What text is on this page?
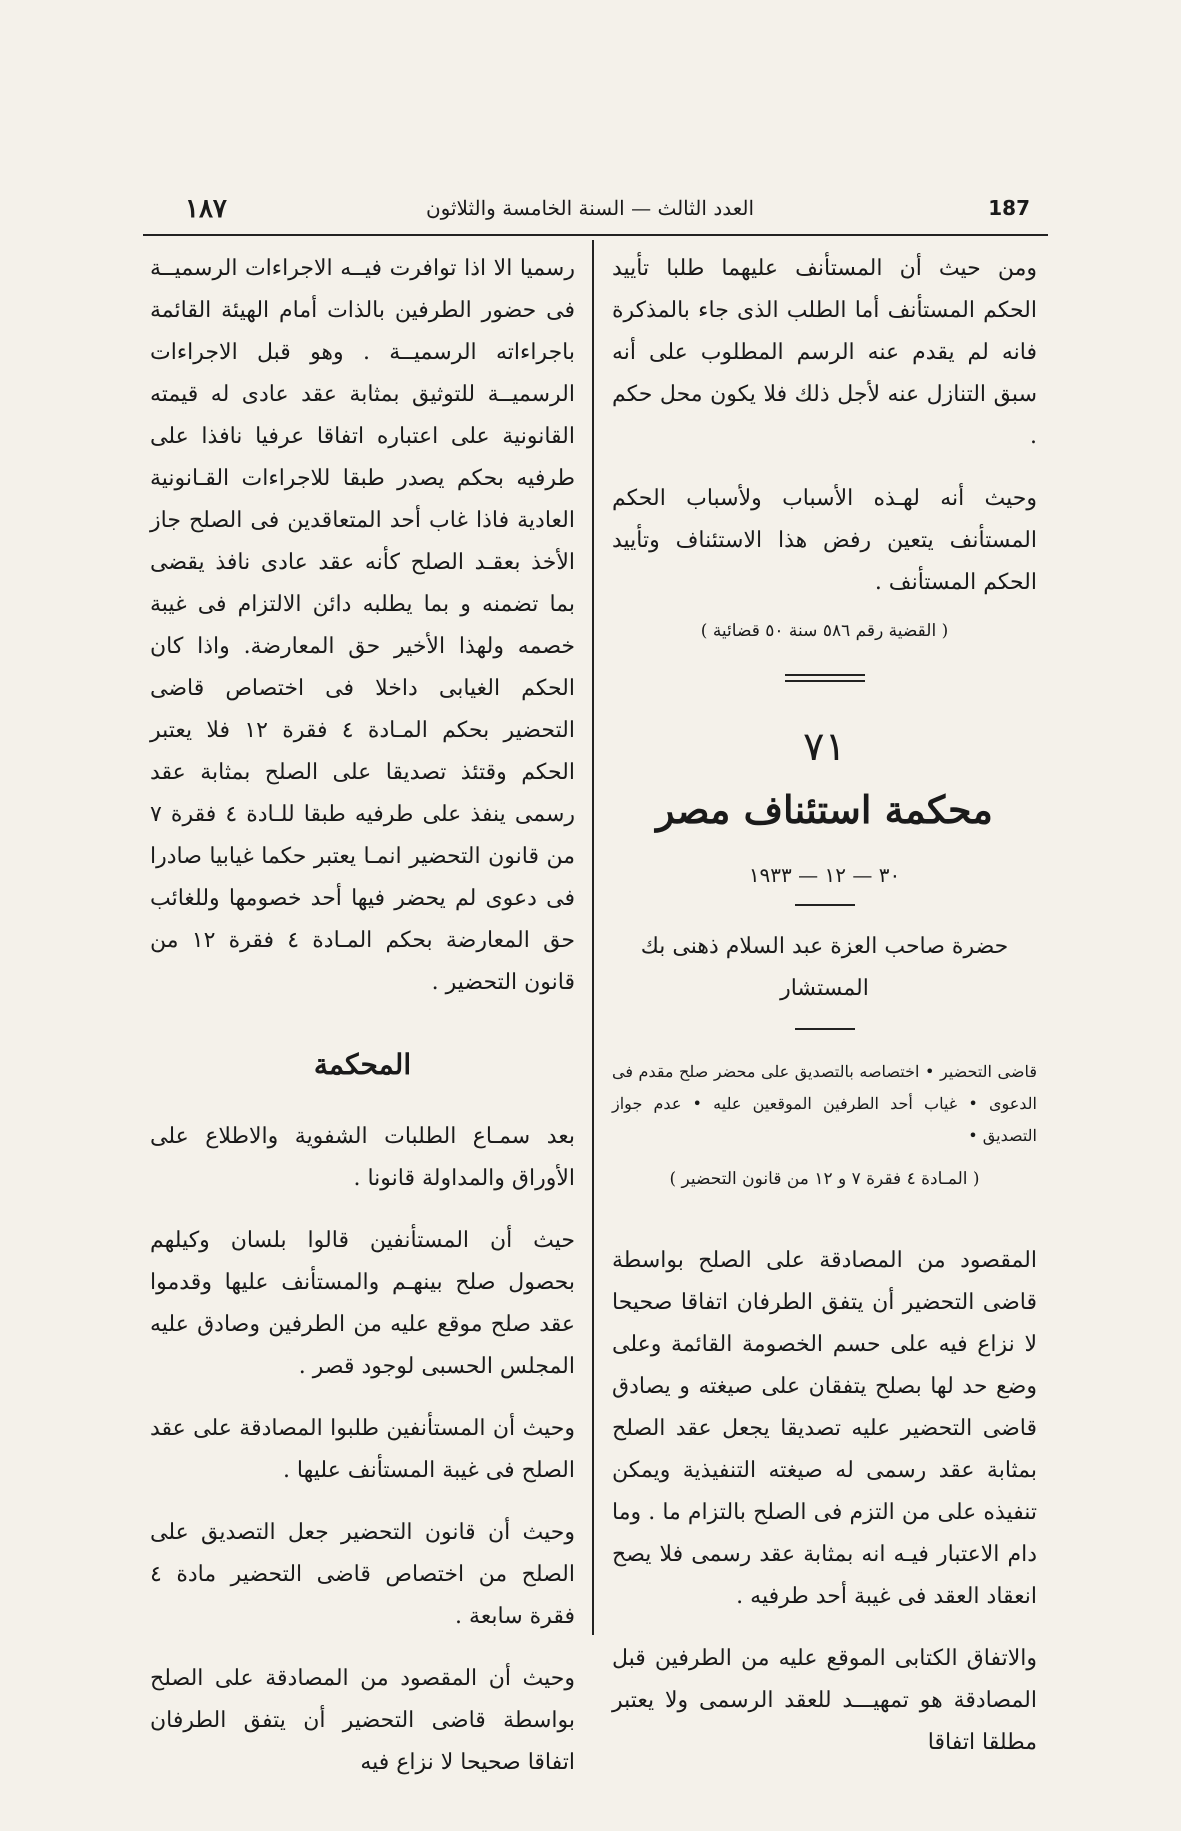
١٨٧	العدد الثالث — السنة الخامسة والثلاثون	187

ومن حيث أن المستأنف عليهما طلبا تأييد الحكم المستأنف أما الطلب الذى جاء بالمذكرة فانه لم يقدم عنه الرسم المطلوب على أنه سبق التنازل عنه لأجل ذلك فلا يكون محل حكم .

وحيث أنه لهـذه الأسباب ولأسباب الحكم المستأنف يتعين رفض هذا الاستئناف وتأييد الحكم المستأنف .

( القضية رقم ٥٨٦ سنة ٥٠ قضائية )
٧١
محكمة استئناف مصر
٣٠ — ١٢ — ١٩٣٣
حضرة صاحب العزة عبد السلام ذهنى بك المستشار
قاضى التحضير • اختصاصه بالتصديق على محضر صلح مقدم فى الدعوى • غياب أحد الطرفين الموقعين عليه • عدم جواز التصديق •
( المـادة ٤ فقرة ٧ و ١٢ من قانون التحضير )

المقصود من المصادقة على الصلح بواسطة قاضى التحضير أن يتفق الطرفان اتفاقا صحيحا لا نزاع فيه على حسم الخصومة القائمة وعلى وضع حد لها بصلح يتفقان على صيغته و يصادق قاضى التحضير عليه تصديقا يجعل عقد الصلح بمثابة عقد رسمى له صيغته التنفيذية ويمكن تنفيذه على من التزم فى الصلح بالتزام ما . وما دام الاعتبار فيـه انه بمثابة عقد رسمى فلا يصح انعقاد العقد فى غيبة أحد طرفيه .

والاتفاق الكتابى الموقع عليه من الطرفين قبل المصادقة هو تمهيـــد للعقد الرسمى ولا يعتبر مطلقا اتفاقا

رسميا الا اذا توافرت فيــه الاجراءات الرسميــة فى حضور الطرفين بالذات أمام الهيئة القائمة باجراءاته الرسميــة . وهو قبل الاجراءات الرسميــة للتوثيق بمثابة عقد عادى له قيمته القانونية على اعتباره اتفاقا عرفيا نافذا على طرفيه بحكم يصدر طبقا للاجراءات القـانونية العادية فاذا غاب أحد المتعاقدين فى الصلح جاز الأخذ بعقـد الصلح كأنه عقد عادى نافذ يقضى بما تضمنه و بما يطلبه دائن الالتزام فى غيبة خصمه ولهذا الأخير حق المعارضة. واذا كان الحكم الغيابى داخلا فى اختصاص قاضى التحضير بحكم المـادة ٤ فقرة ١٢ فلا يعتبر الحكم وقتئذ تصديقا على الصلح بمثابة عقد رسمى ينفذ على طرفيه طبقا للـادة ٤ فقرة ٧ من قانون التحضير انمـا يعتبر حكما غيابيا صادرا فى دعوى لم يحضر فيها أحد خصومها وللغائب حق المعارضة بحكم المـادة ٤ فقرة ١٢ من قانون التحضير .

المحكمة

بعد سمـاع الطلبات الشفوية والاطلاع على الأوراق والمداولة قانونا .

حيث أن المستأنفين قالوا بلسان وكيلهم بحصول صلح بينهـم والمستأنف عليها وقدموا عقد صلح موقع عليه من الطرفين وصادق عليه المجلس الحسبى لوجود قصر .

وحيث أن المستأنفين طلبوا المصادقة على عقد الصلح فى غيبة المستأنف عليها .

وحيث أن قانون التحضير جعل التصديق على الصلح من اختصاص قاضى التحضير مادة ٤ فقرة سابعة .

وحيث أن المقصود من المصادقة على الصلح بواسطة قاضى التحضير أن يتفق الطرفان اتفاقا صحيحا لا نزاع فيه
